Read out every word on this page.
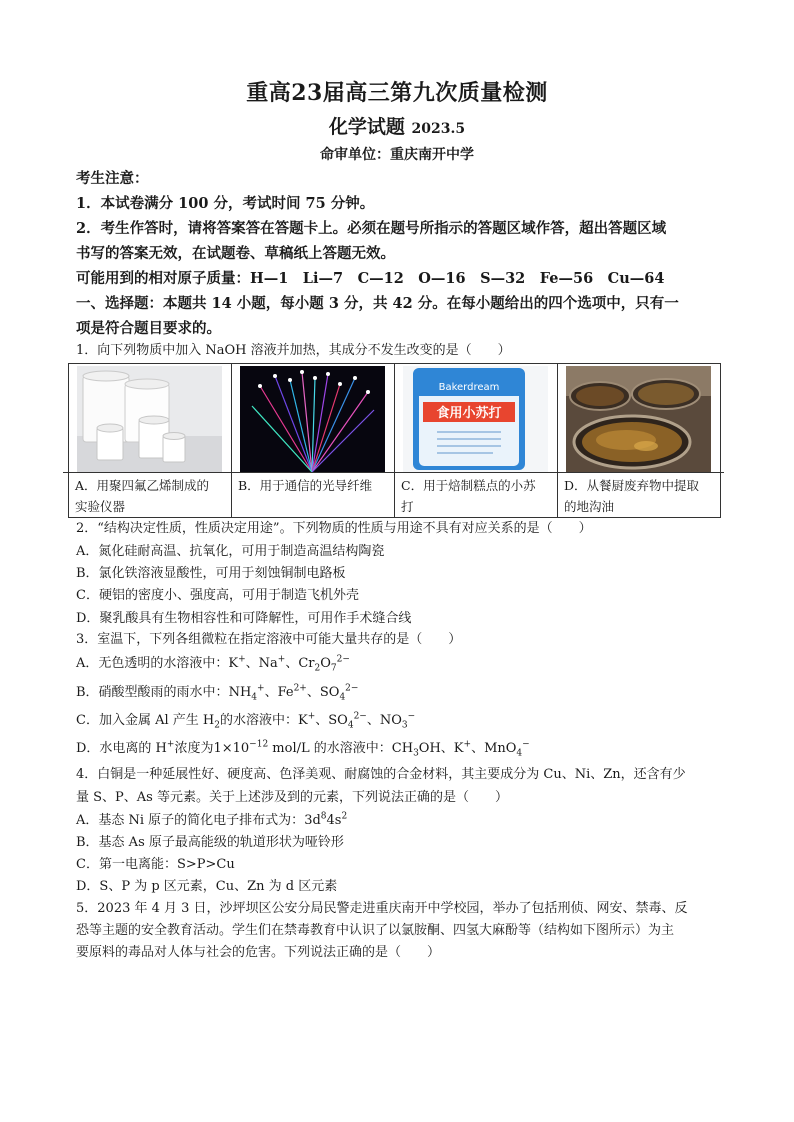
重高23届高三第九次质量检测
化学试题 2023.5
命审单位：重庆南开中学
考生注意：
1．本试卷满分 100 分，考试时间 75 分钟。
2．考生作答时，请将答案答在答题卡上。必须在题号所指示的答题区域作答，超出答题区域
书写的答案无效，在试题卷、草稿纸上答题无效。
可能用到的相对原子质量：H—1　Li—7　C—12　O—16　S—32　Fe—56　Cu—64
一、选择题：本题共 14 小题，每小题 3 分，共 42 分。在每小题给出的四个选项中，只有一
项是符合题目要求的。
1．向下列物质中加入 NaOH 溶液并加热，其成分不发生改变的是（　　）
A．用聚四氟乙烯制成的
实验仪器
B．用于通信的光导纤维
Bakerdream
食用小苏打
C．用于焙制糕点的小苏
打
D．从餐厨废弃物中提取
的地沟油
2．“结构决定性质，性质决定用途”。下列物质的性质与用途不具有对应关系的是（　　）
A．氮化硅耐高温、抗氧化，可用于制造高温结构陶瓷
B．氯化铁溶液显酸性，可用于刻蚀铜制电路板
C．硬铝的密度小、强度高，可用于制造飞机外壳
D．聚乳酸具有生物相容性和可降解性，可用作手术缝合线
3．室温下，下列各组微粒在指定溶液中可能大量共存的是（　　）
A．无色透明的水溶液中：K+、Na+、$Cr_2O_7^{2-}$
B．硝酸型酸雨的雨水中：$NH_4^+$、$Fe^{2+}$、$SO_4^{2-}$
C．加入金属 Al 产生 $H_2$的水溶液中：K+、$SO_4^{2-}$、$NO_3^-$
D．水电离的 H+浓度为$1\times 10^{-12}$ mol/L 的水溶液中：$CH_3OH$、K+、MnO$_4$−
4．白铜是一种延展性好、硬度高、色泽美观、耐腐蚀的合金材料，其主要成分为 Cu、Ni、Zn，还含有少
量 S、P、As 等元素。关于上述涉及到的元素，下列说法正确的是（　　）
A．基态 Ni 原子的简化电子排布式为：$3d^84s^2$
B．基态 As 原子最高能级的轨道形状为哑铃形
C．第一电离能：S>P>Cu
D．S、P 为 p 区元素，Cu、Zn 为 d 区元素
5．2023 年 4 月 3 日，沙坪坝区公安分局民警走进重庆南开中学校园，举办了包括刑侦、网安、禁毒、反
恐等主题的安全教育活动。学生们在禁毒教育中认识了以氯胺酮、四氢大麻酚等（结构如下图所示）为主
要原料的毒品对人体与社会的危害。下列说法正确的是（　　）
